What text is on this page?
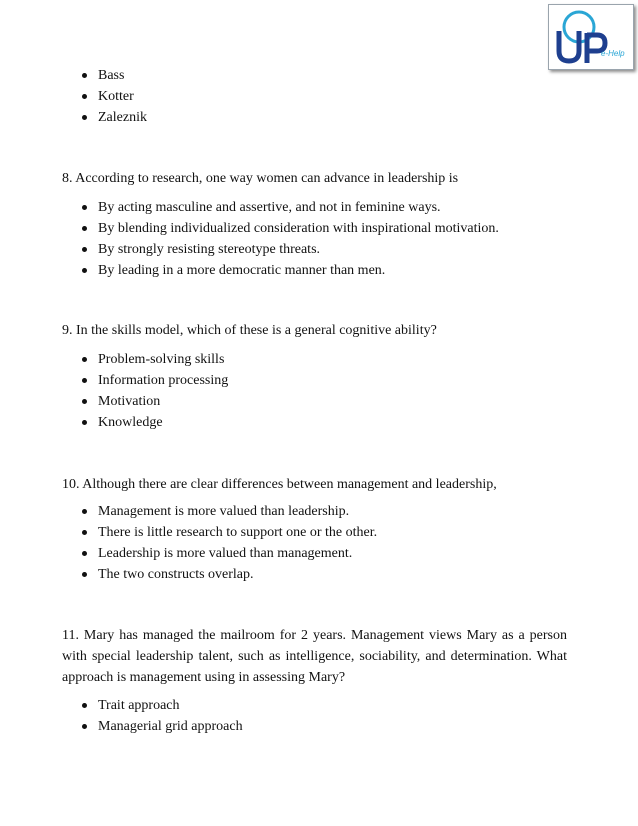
e-Help
Bass
Kotter
Zaleznik

8. According to research, one way women can advance in leadership is

By acting masculine and assertive, and not in feminine ways.
By blending individualized consideration with inspirational motivation.
By strongly resisting stereotype threats.
By leading in a more democratic manner than men.

9. In the skills model, which of these is a general cognitive ability?

Problem-solving skills
Information processing
Motivation
Knowledge

10. Although there are clear differences between management and leadership,

Management is more valued than leadership.
There is little research to support one or the other.
Leadership is more valued than management.
The two constructs overlap.

11. Mary has managed the mailroom for 2 years. Management views Mary as a person with special leadership talent, such as intelligence, sociability, and determination. What approach is management using in assessing Mary?

Trait approach
Managerial grid approach
